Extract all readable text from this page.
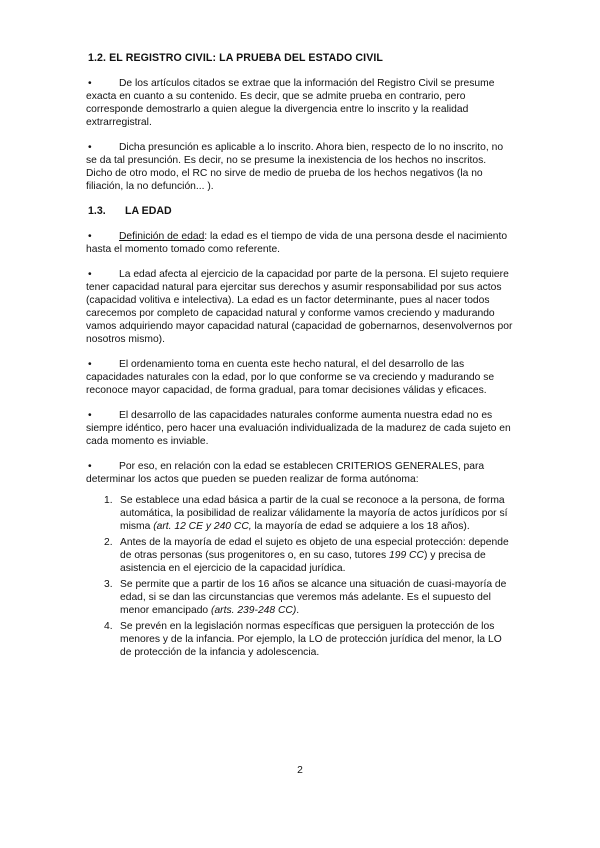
1.2. EL REGISTRO CIVIL: LA PRUEBA DEL ESTADO CIVIL
•	De los artículos citados se extrae que la información del Registro Civil se presume exacta en cuanto a su contenido. Es decir, que se admite prueba en contrario, pero corresponde demostrarlo a quien alegue la divergencia entre lo inscrito y la realidad extrarregistral.
•	Dicha presunción es aplicable a lo inscrito. Ahora bien, respecto de lo no inscrito, no se da tal presunción. Es decir, no se presume la inexistencia de los hechos no inscritos. Dicho de otro modo, el RC no sirve de medio de prueba de los hechos negativos (la no filiación, la no defunción... ).
1.3.	LA EDAD
•	Definición de edad: la edad es el tiempo de vida de una persona desde el nacimiento hasta el momento tomado como referente.
•	La edad afecta al ejercicio de la capacidad por parte de la persona. El sujeto requiere tener capacidad natural para ejercitar sus derechos y asumir responsabilidad por sus actos (capacidad volitiva e intelectiva). La edad es un factor determinante, pues al nacer todos carecemos por completo de capacidad natural y conforme vamos creciendo y madurando vamos adquiriendo mayor capacidad natural (capacidad de gobernarnos, desenvolvernos por nosotros mismo).
•	El ordenamiento toma en cuenta este hecho natural, el del desarrollo de las capacidades naturales con la edad, por lo que conforme se va creciendo y madurando se reconoce mayor capacidad, de forma gradual, para tomar decisiones válidas y eficaces.
•	El desarrollo de las capacidades naturales conforme aumenta nuestra edad no es siempre idéntico, pero hacer una evaluación individualizada de la madurez de cada sujeto en cada momento es inviable.
•	Por eso, en relación con la edad se establecen CRITERIOS GENERALES, para determinar los actos que pueden se pueden realizar de forma autónoma:
1. Se establece una edad básica a partir de la cual se reconoce a la persona, de forma automática, la posibilidad de realizar válidamente la mayoría de actos jurídicos por sí misma (art. 12 CE y 240 CC, la mayoría de edad se adquiere a los 18 años).
2. Antes de la mayoría de edad el sujeto es objeto de una especial protección: depende de otras personas (sus progenitores o, en su caso, tutores 199 CC) y precisa de asistencia en el ejercicio de la capacidad jurídica.
3. Se permite que a partir de los 16 años se alcance una situación de cuasi-mayoría de edad, si se dan las circunstancias que veremos más adelante. Es el supuesto del menor emancipado (arts. 239-248 CC).
4. Se prevén en la legislación normas específicas que persiguen la protección de los menores y de la infancia. Por ejemplo, la LO de protección jurídica del menor, la LO de protección de la infancia y adolescencia.
2
